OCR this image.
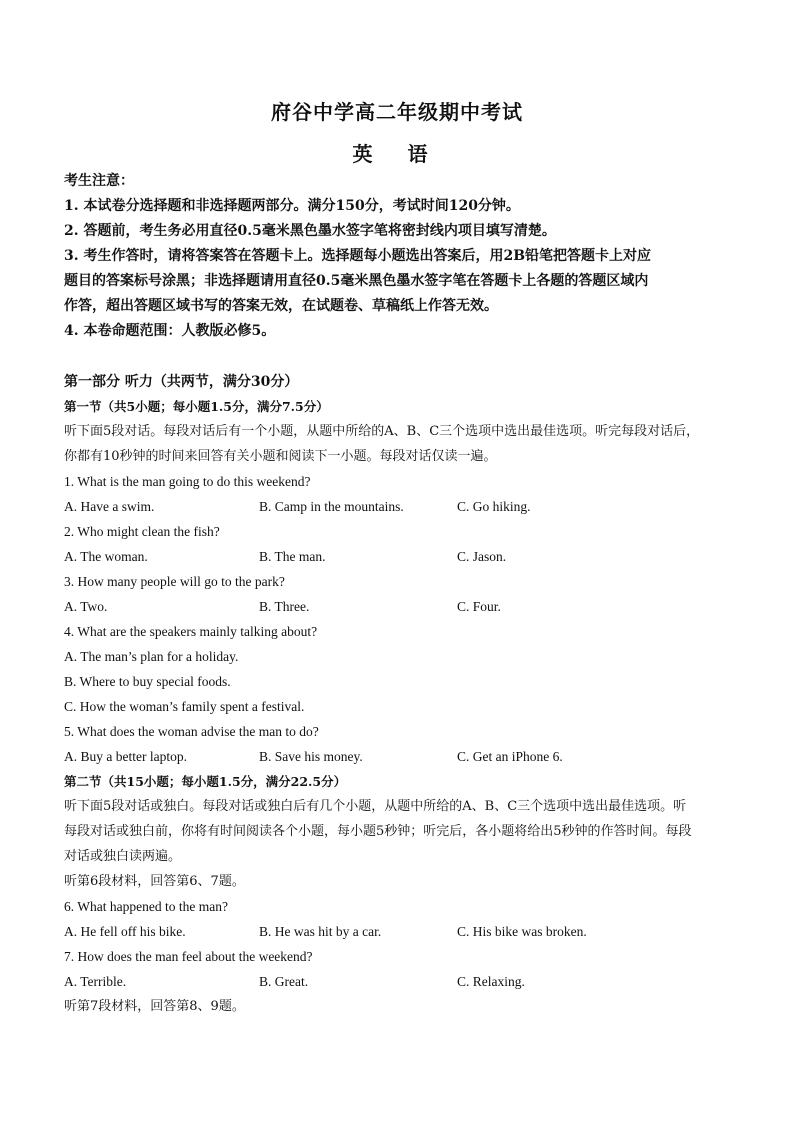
府谷中学高二年级期中考试
英 语
考生注意：
1. 本试卷分选择题和非选择题两部分。满分150分，考试时间120分钟。
2. 答题前，考生务必用直径0.5毫米黑色墨水签字笔将密封线内项目填写清楚。
3. 考生作答时，请将答案答在答题卡上。选择题每小题选出答案后，用2B铅笔把答题卡上对应
题目的答案标号涂黑；非选择题请用直径0.5毫米黑色墨水签字笔在答题卡上各题的答题区域内
作答，超出答题区域书写的答案无效，在试题卷、草稿纸上作答无效。
4. 本卷命题范围：人教版必修5。
第一部分 听力（共两节，满分30分）
第一节（共5小题；每小题1.5分，满分7.5分）
听下面5段对话。每段对话后有一个小题，从题中所给的A、B、C三个选项中选出最佳选项。听完每段对话后，
你都有10秒钟的时间来回答有关小题和阅读下一小题。每段对话仅读一遍。
1. What is the man going to do this weekend?
A. Have a swim.	B. Camp in the mountains.	C. Go hiking.
2. Who might clean the fish?
A. The woman.	B. The man.	C. Jason.
3. How many people will go to the park?
A. Two.	B. Three.	C. Four.
4. What are the speakers mainly talking about?
A. The man’s plan for a holiday.
B. Where to buy special foods.
C. How the woman’s family spent a festival.
5. What does the woman advise the man to do?
A. Buy a better laptop.	B. Save his money.	C. Get an iPhone 6.
第二节（共15小题；每小题1.5分，满分22.5分）
听下面5段对话或独白。每段对话或独白后有几个小题，从题中所给的A、B、C三个选项中选出最佳选项。听
每段对话或独白前，你将有时间阅读各个小题，每小题5秒钟；听完后，各小题将给出5秒钟的作答时间。每段
对话或独白读两遍。
听第6段材料，回答第6、7题。
6. What happened to the man?
A. He fell off his bike.	B. He was hit by a car.	C. His bike was broken.
7. How does the man feel about the weekend?
A. Terrible.	B. Great.	C. Relaxing.
听第7段材料，回答第8、9题。
